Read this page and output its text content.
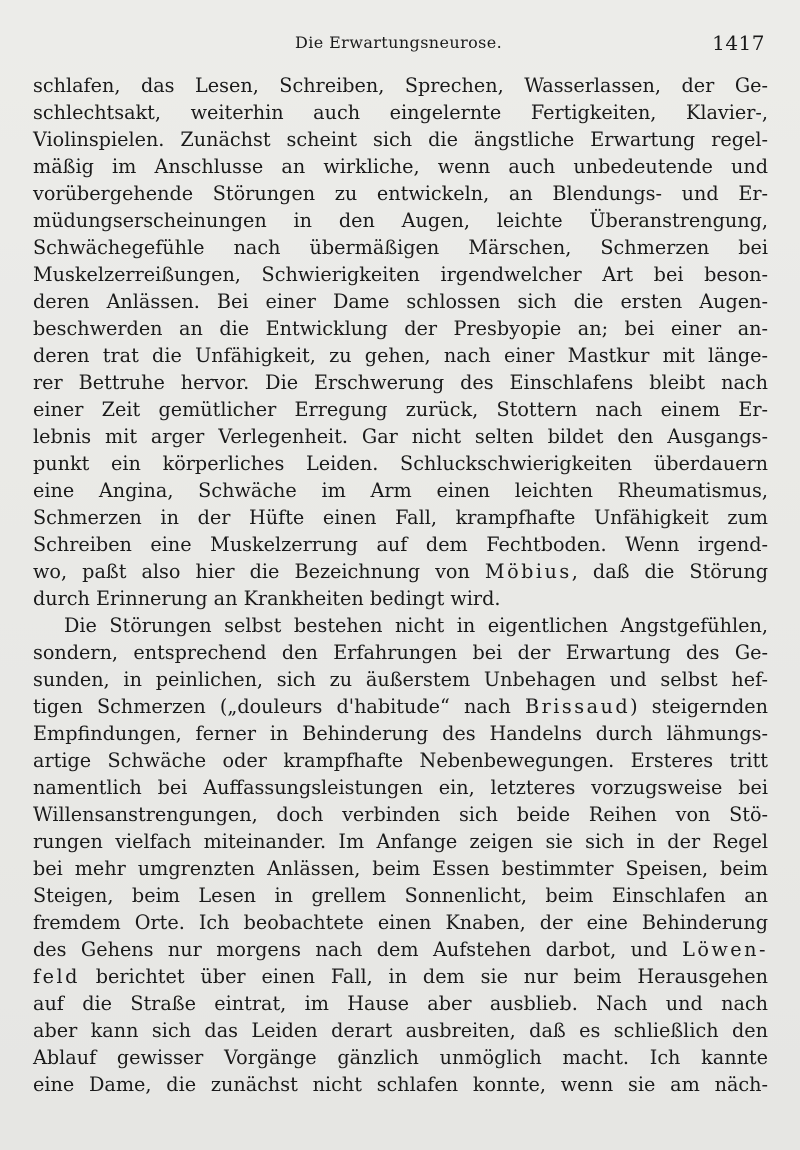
Die Erwartungsneurose.	1417
schlafen, das Lesen, Schreiben, Sprechen, Wasserlassen, der Ge-
schlechtsakt, weiterhin auch eingelernte Fertigkeiten, Klavier-,
Violinspielen. Zunächst scheint sich die ängstliche Erwartung regel-
mäßig im Anschlusse an wirkliche, wenn auch unbedeutende und
vorübergehende Störungen zu entwickeln, an Blendungs- und Er-
müdungserscheinungen in den Augen, leichte Überanstrengung,
Schwächegefühle nach übermäßigen Märschen, Schmerzen bei
Muskelzerreißungen, Schwierigkeiten irgendwelcher Art bei beson-
deren Anlässen. Bei einer Dame schlossen sich die ersten Augen-
beschwerden an die Entwicklung der Presbyopie an; bei einer an-
deren trat die Unfähigkeit, zu gehen, nach einer Mastkur mit länge-
rer Bettruhe hervor. Die Erschwerung des Einschlafens bleibt nach
einer Zeit gemütlicher Erregung zurück, Stottern nach einem Er-
lebnis mit arger Verlegenheit. Gar nicht selten bildet den Ausgangs-
punkt ein körperliches Leiden. Schluckschwierigkeiten überdauern
eine Angina, Schwäche im Arm einen leichten Rheumatismus,
Schmerzen in der Hüfte einen Fall, krampfhafte Unfähigkeit zum
Schreiben eine Muskelzerrung auf dem Fechtboden. Wenn irgend-
wo, paßt also hier die Bezeichnung von Möbius, daß die Störung
durch Erinnerung an Krankheiten bedingt wird.
Die Störungen selbst bestehen nicht in eigentlichen Angstgefühlen,
sondern, entsprechend den Erfahrungen bei der Erwartung des Ge-
sunden, in peinlichen, sich zu äußerstem Unbehagen und selbst hef-
tigen Schmerzen („douleurs d'habitude“ nach Brissaud) steigernden
Empfindungen, ferner in Behinderung des Handelns durch lähmungs-
artige Schwäche oder krampfhafte Nebenbewegungen. Ersteres tritt
namentlich bei Auffassungsleistungen ein, letzteres vorzugsweise bei
Willensanstrengungen, doch verbinden sich beide Reihen von Stö-
rungen vielfach miteinander. Im Anfange zeigen sie sich in der Regel
bei mehr umgrenzten Anlässen, beim Essen bestimmter Speisen, beim
Steigen, beim Lesen in grellem Sonnenlicht, beim Einschlafen an
fremdem Orte. Ich beobachtete einen Knaben, der eine Behinderung
des Gehens nur morgens nach dem Aufstehen darbot, und Löwen-
feld berichtet über einen Fall, in dem sie nur beim Herausgehen
auf die Straße eintrat, im Hause aber ausblieb. Nach und nach
aber kann sich das Leiden derart ausbreiten, daß es schließlich den
Ablauf gewisser Vorgänge gänzlich unmöglich macht. Ich kannte
eine Dame, die zunächst nicht schlafen konnte, wenn sie am näch-
